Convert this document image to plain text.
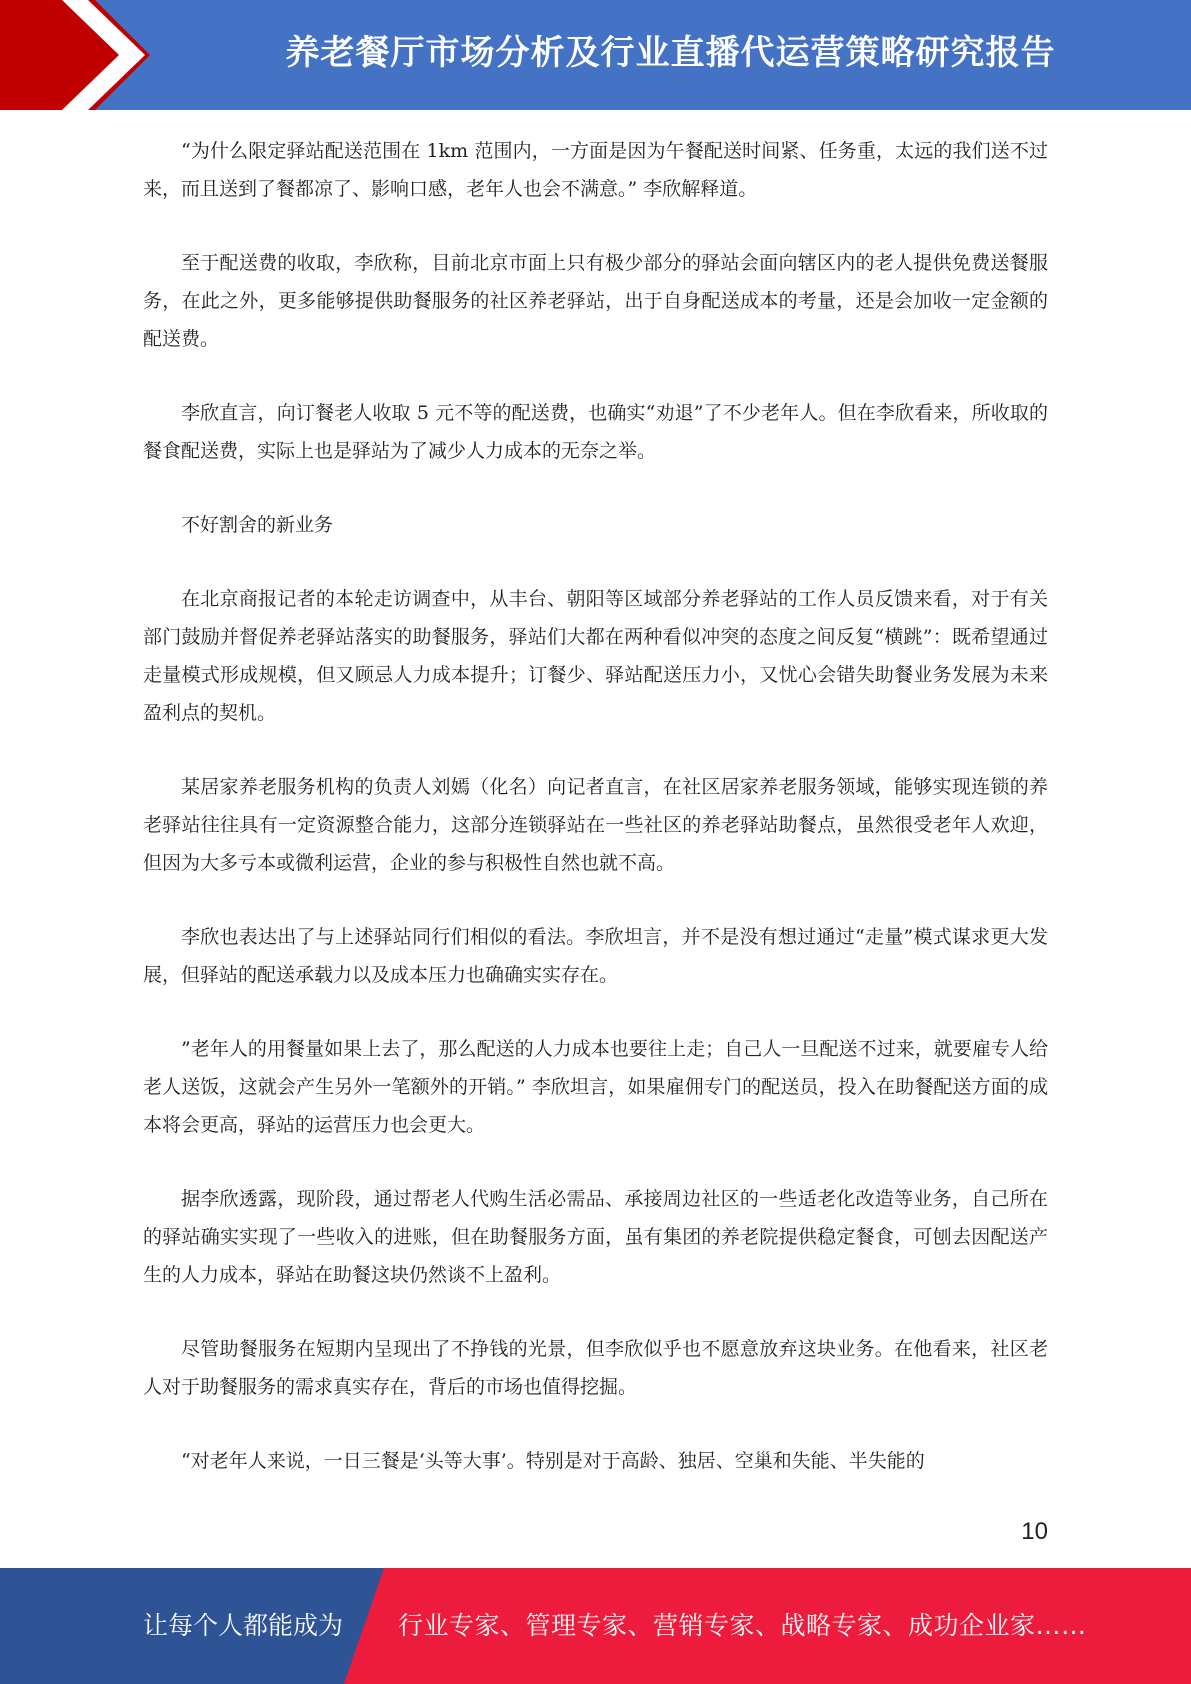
养老餐厅市场分析及行业直播代运营策略研究报告

“为什么限定驿站配送范围在 1km 范围内，一方面是因为午餐配送时间紧、任务重，太远的我们送不过来，而且送到了餐都凉了、影响口感，老年人也会不满意。” 李欣解释道。

至于配送费的收取，李欣称，目前北京市面上只有极少部分的驿站会面向辖区内的老人提供免费送餐服务，在此之外，更多能够提供助餐服务的社区养老驿站，出于自身配送成本的考量，还是会加收一定金额的配送费。

李欣直言，向订餐老人收取 5 元不等的配送费，也确实“劝退”了不少老年人。但在李欣看来，所收取的餐食配送费，实际上也是驿站为了减少人力成本的无奈之举。

不好割舍的新业务

在北京商报记者的本轮走访调查中，从丰台、朝阳等区域部分养老驿站的工作人员反馈来看，对于有关部门鼓励并督促养老驿站落实的助餐服务，驿站们大都在两种看似冲突的态度之间反复“横跳”：既希望通过走量模式形成规模，但又顾忌人力成本提升；订餐少、驿站配送压力小，又忧心会错失助餐业务发展为未来盈利点的契机。

某居家养老服务机构的负责人刘嫣（化名）向记者直言，在社区居家养老服务领域，能够实现连锁的养老驿站往往具有一定资源整合能力，这部分连锁驿站在一些社区的养老驿站助餐点，虽然很受老年人欢迎，但因为大多亏本或微利运营，企业的参与积极性自然也就不高。

李欣也表达出了与上述驿站同行们相似的看法。李欣坦言，并不是没有想过通过“走量”模式谋求更大发展，但驿站的配送承载力以及成本压力也确确实实存在。

”老年人的用餐量如果上去了，那么配送的人力成本也要往上走；自己人一旦配送不过来，就要雇专人给老人送饭，这就会产生另外一笔额外的开销。” 李欣坦言，如果雇佣专门的配送员，投入在助餐配送方面的成本将会更高，驿站的运营压力也会更大。

据李欣透露，现阶段，通过帮老人代购生活必需品、承接周边社区的一些适老化改造等业务，自己所在的驿站确实实现了一些收入的进账，但在助餐服务方面，虽有集团的养老院提供稳定餐食，可刨去因配送产生的人力成本，驿站在助餐这块仍然谈不上盈利。

尽管助餐服务在短期内呈现出了不挣钱的光景，但李欣似乎也不愿意放弃这块业务。在他看来，社区老人对于助餐服务的需求真实存在，背后的市场也值得挖掘。

“对老年人来说，一日三餐是‘头等大事’。特别是对于高龄、独居、空巢和失能、半失能的

10
让每个人都能成为 行业专家、管理专家、营销专家、战略专家、成功企业家……
